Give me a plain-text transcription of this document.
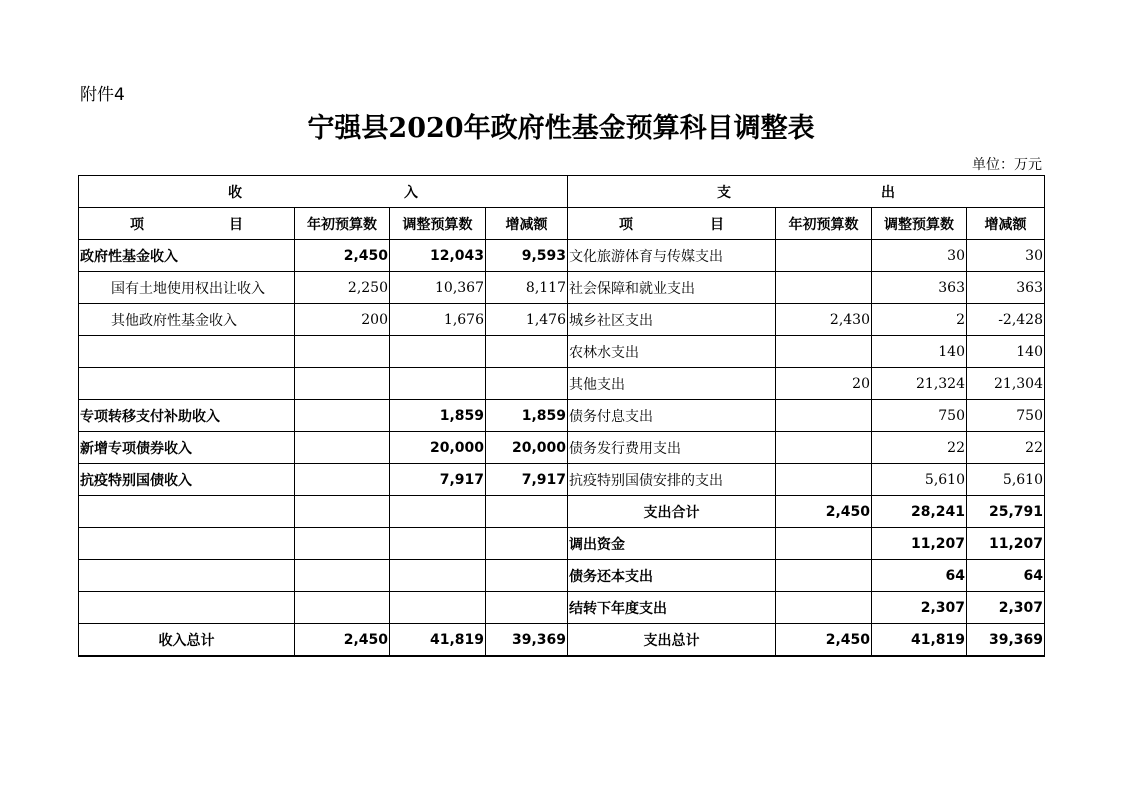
附件4
宁强县2020年政府性基金预算科目调整表
单位：万元
收 入				支 出			

项 目	年初预算数	调整预算数	增减额	项 目	年初预算数	调整预算数	增减额
政府性基金收入	2,450	12,043	9,593	文化旅游体育与传媒支出		30	30
国有土地使用权出让收入	2,250	10,367	8,117	社会保障和就业支出		363	363
其他政府性基金收入	200	1,676	1,476	城乡社区支出	2,430	2	-2,428
				农林水支出		140	140
				其他支出	20	21,324	21,304
专项转移支付补助收入		1,859	1,859	债务付息支出		750	750
新增专项债券收入		20,000	20,000	债务发行费用支出		22	22
抗疫特别国债收入		7,917	7,917	抗疫特别国债安排的支出		5,610	5,610
				支出合计	2,450	28,241	25,791
				调出资金		11,207	11,207
				债务还本支出		64	64
				结转下年度支出		2,307	2,307
收入总计	2,450	41,819	39,369	支出总计	2,450	41,819	39,369
